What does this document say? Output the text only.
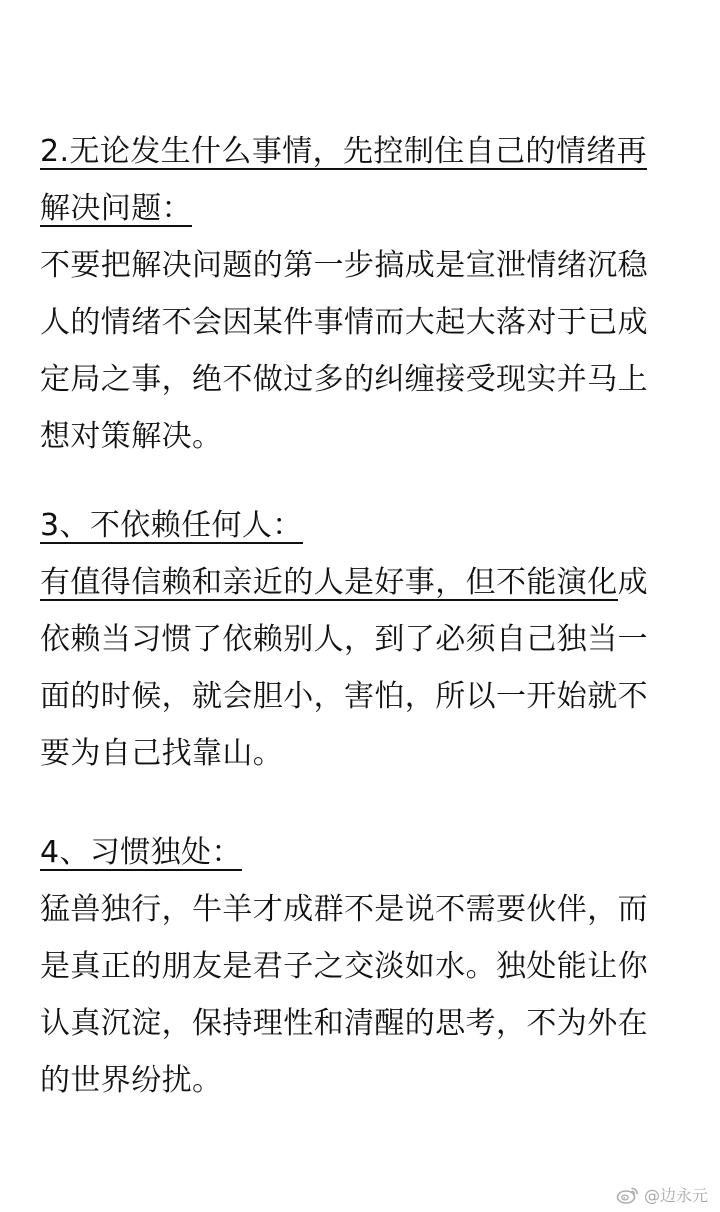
2.无论发生什么事情，先控制住自己的情绪再
解决问题：
不要把解决问题的第一步搞成是宣泄情绪沉稳
人的情绪不会因某件事情而大起大落对于已成
定局之事，绝不做过多的纠缠接受现实并马上
想对策解决。
3、不依赖任何人：
有值得信赖和亲近的人是好事，但不能演化成
依赖当习惯了依赖别人，到了必须自己独当一
面的时候，就会胆小，害怕，所以一开始就不
要为自己找靠山。
4、习惯独处：
猛兽独行，牛羊才成群不是说不需要伙伴，而
是真正的朋友是君子之交淡如水。独处能让你
认真沉淀，保持理性和清醒的思考，不为外在
的世界纷扰。
@边永元
